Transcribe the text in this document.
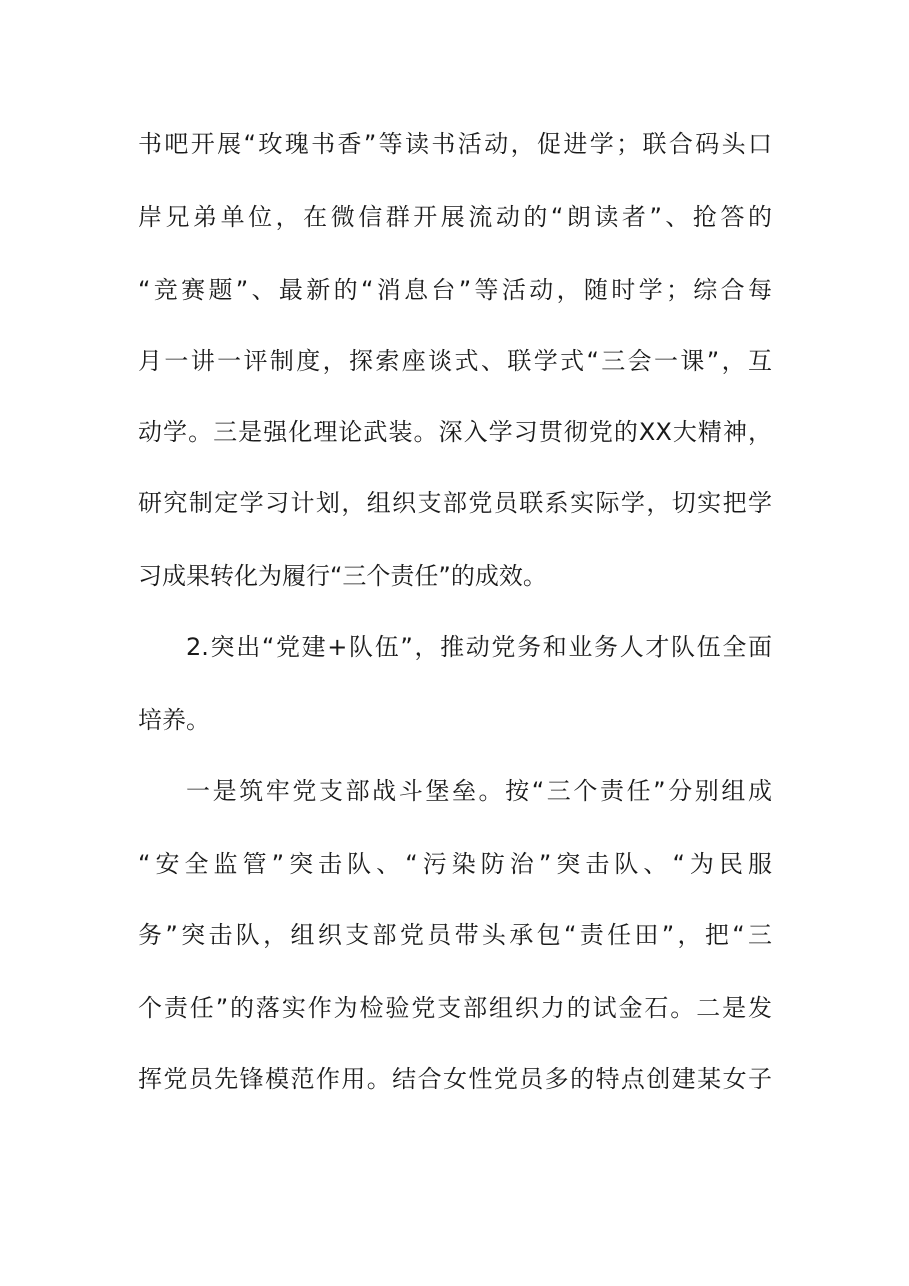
书吧开展“玫瑰书香”等读书活动，促进学；联合码头口
岸兄弟单位，在微信群开展流动的“朗读者”、抢答的
“竞赛题”、最新的“消息台”等活动，随时学；综合每
月一讲一评制度，探索座谈式、联学式“三会一课”，互
动学。三是强化理论武装。深入学习贯彻党的XX大精神，
研究制定学习计划，组织支部党员联系实际学，切实把学
习成果转化为履行“三个责任”的成效。
2.突出“党建+队伍”，推动党务和业务人才队伍全面
培养。
一是筑牢党支部战斗堡垒。按“三个责任”分别组成
“安全监管”突击队、“污染防治”突击队、“为民服
务”突击队，组织支部党员带头承包“责任田”，把“三
个责任”的落实作为检验党支部组织力的试金石。二是发
挥党员先锋模范作用。结合女性党员多的特点创建某女子
